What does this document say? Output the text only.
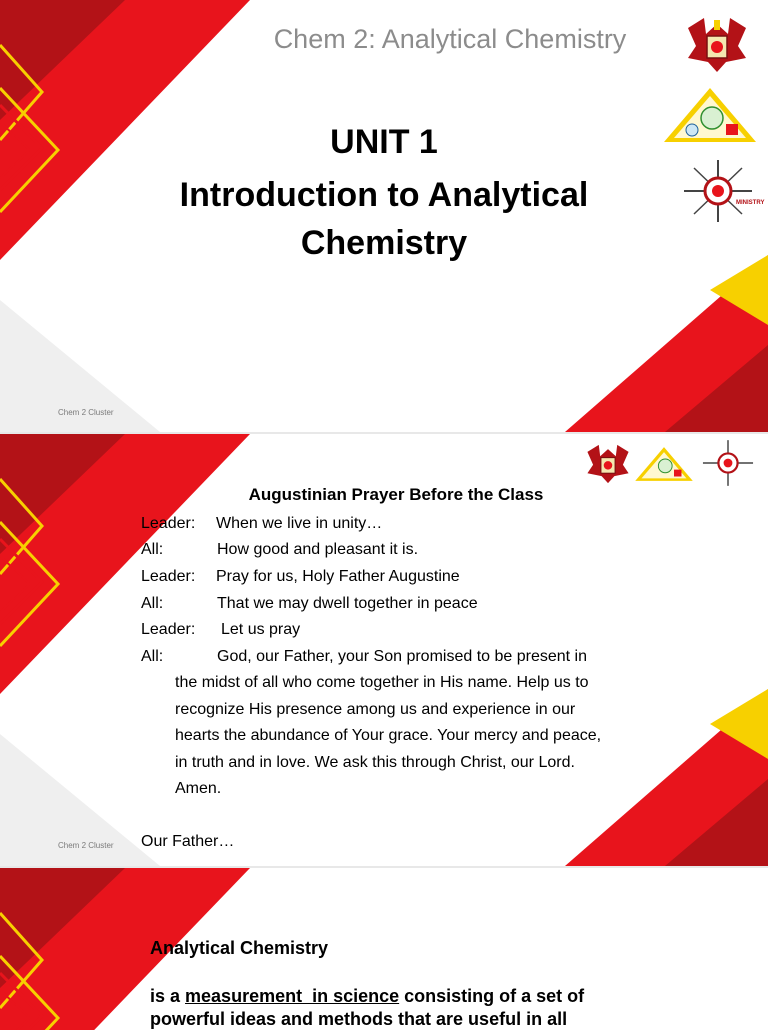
Chem 2: Analytical Chemistry
UNIT 1
Introduction to Analytical
Chemistry
MINISTRY
Chem 2 Cluster
Augustinian Prayer Before the Class
Leader: When we live in unity…
All:	How good and pleasant it is.
Leader: Pray for us, Holy Father Augustine
All:	That we may dwell together in peace
Leader: Let us pray
All:	God, our Father, your Son promised to be present in
the midst of all who come together in His name. Help us to
recognize His presence among us and experience in our
hearts the abundance of Your grace. Your mercy and peace,
in truth and in love. We ask this through Christ, our Lord.
Amen.
Our Father…
Chem 2 Cluster
Analytical Chemistry
is a measurement  in science consisting of a set of
powerful ideas and methods that are useful in all
